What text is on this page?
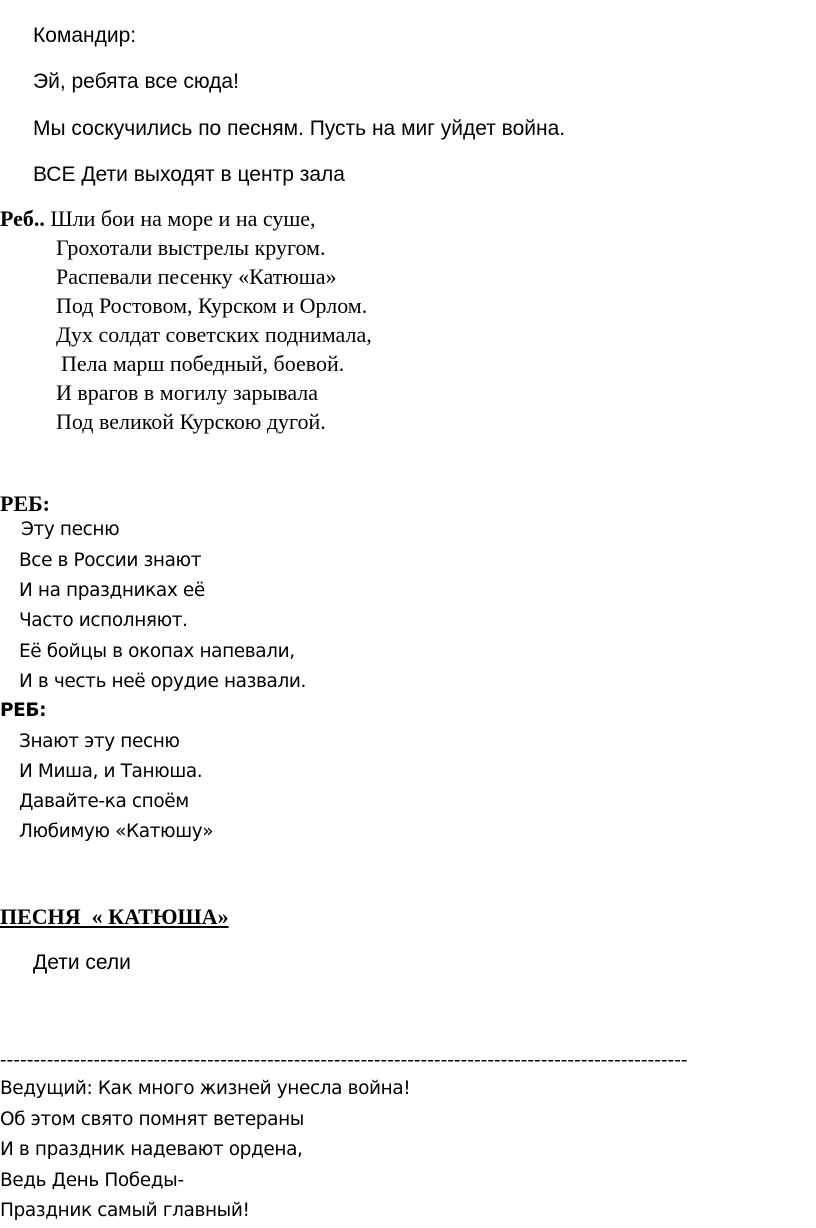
Командир:
Эй, ребята все сюда!
Мы соскучились по песням. Пусть на миг уйдет война.
ВСЕ Дети выходят в центр зала
Реб.. Шли бои на море и на суше,
Грохотали выстрелы кругом.
Распевали песенку «Катюша»
Под Ростовом, Курском и Орлом.
Дух солдат советских поднимала,
Пела марш победный, боевой.
И врагов в могилу зарывала
Под великой Курскою дугой.
РЕБ:
Эту песню
Все в России знают
И на праздниках её
Часто исполняют.
Её бойцы в окопах напевали,
И в честь неё орудие назвали.
РЕБ:
Знают эту песню
И Миша, и Танюша.
Давайте-ка споём
Любимую «Катюшу»
ПЕСНЯ  « КАТЮША»
Дети сели
-------------------------------------------------------------------------------------------------------
Ведущий: Как много жизней унесла война!
Об этом свято помнят ветераны
И в праздник надевают ордена,
Ведь День Победы-
Праздник самый главный!
